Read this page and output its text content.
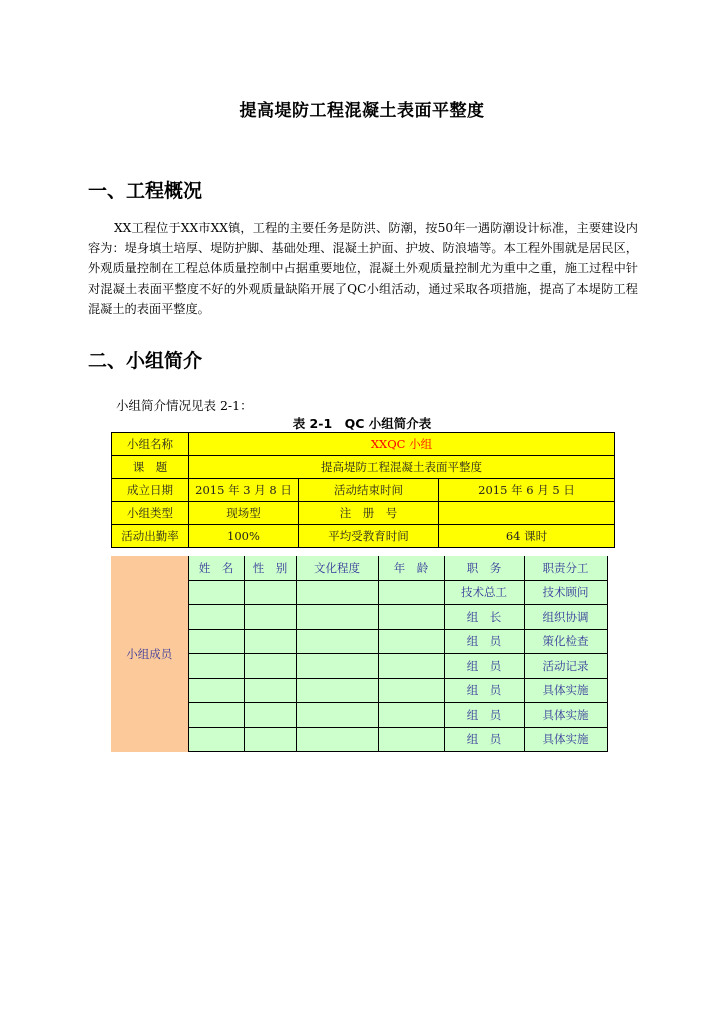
提高堤防工程混凝土表面平整度
一、工程概况
XX工程位于XX市XX镇，工程的主要任务是防洪、防潮，按50年一遇防潮设计标准，主要建设内容为：堤身填土培厚、堤防护脚、基础处理、混凝土护面、护坡、防浪墙等。本工程外围就是居民区，外观质量控制在工程总体质量控制中占据重要地位，混凝土外观质量控制尤为重中之重，施工过程中针对混凝土表面平整度不好的外观质量缺陷开展了QC小组活动，通过采取各项措施，提高了本堤防工程混凝土的表面平整度。
二、小组简介
小组简介情况见表 2-1：
表 2-1　QC 小组简介表
小组名称	XXQC 小组		
课　题	提高堤防工程混凝土表面平整度		
成立日期	2015 年 3 月 8 日	活动结束时间	2015 年 6 月 5 日
小组类型	现场型	注　册　号	
活动出勤率	100%	平均受教育时间	64 课时
小组成员	姓　名	性　别	文化程度	年　龄	职　务	职责分工
					技术总工	技术顾问
					组　长	组织协调
					组　员	策化检查
					组　员	活动记录
					组　员	具体实施
					组　员	具体实施
					组　员	具体实施
